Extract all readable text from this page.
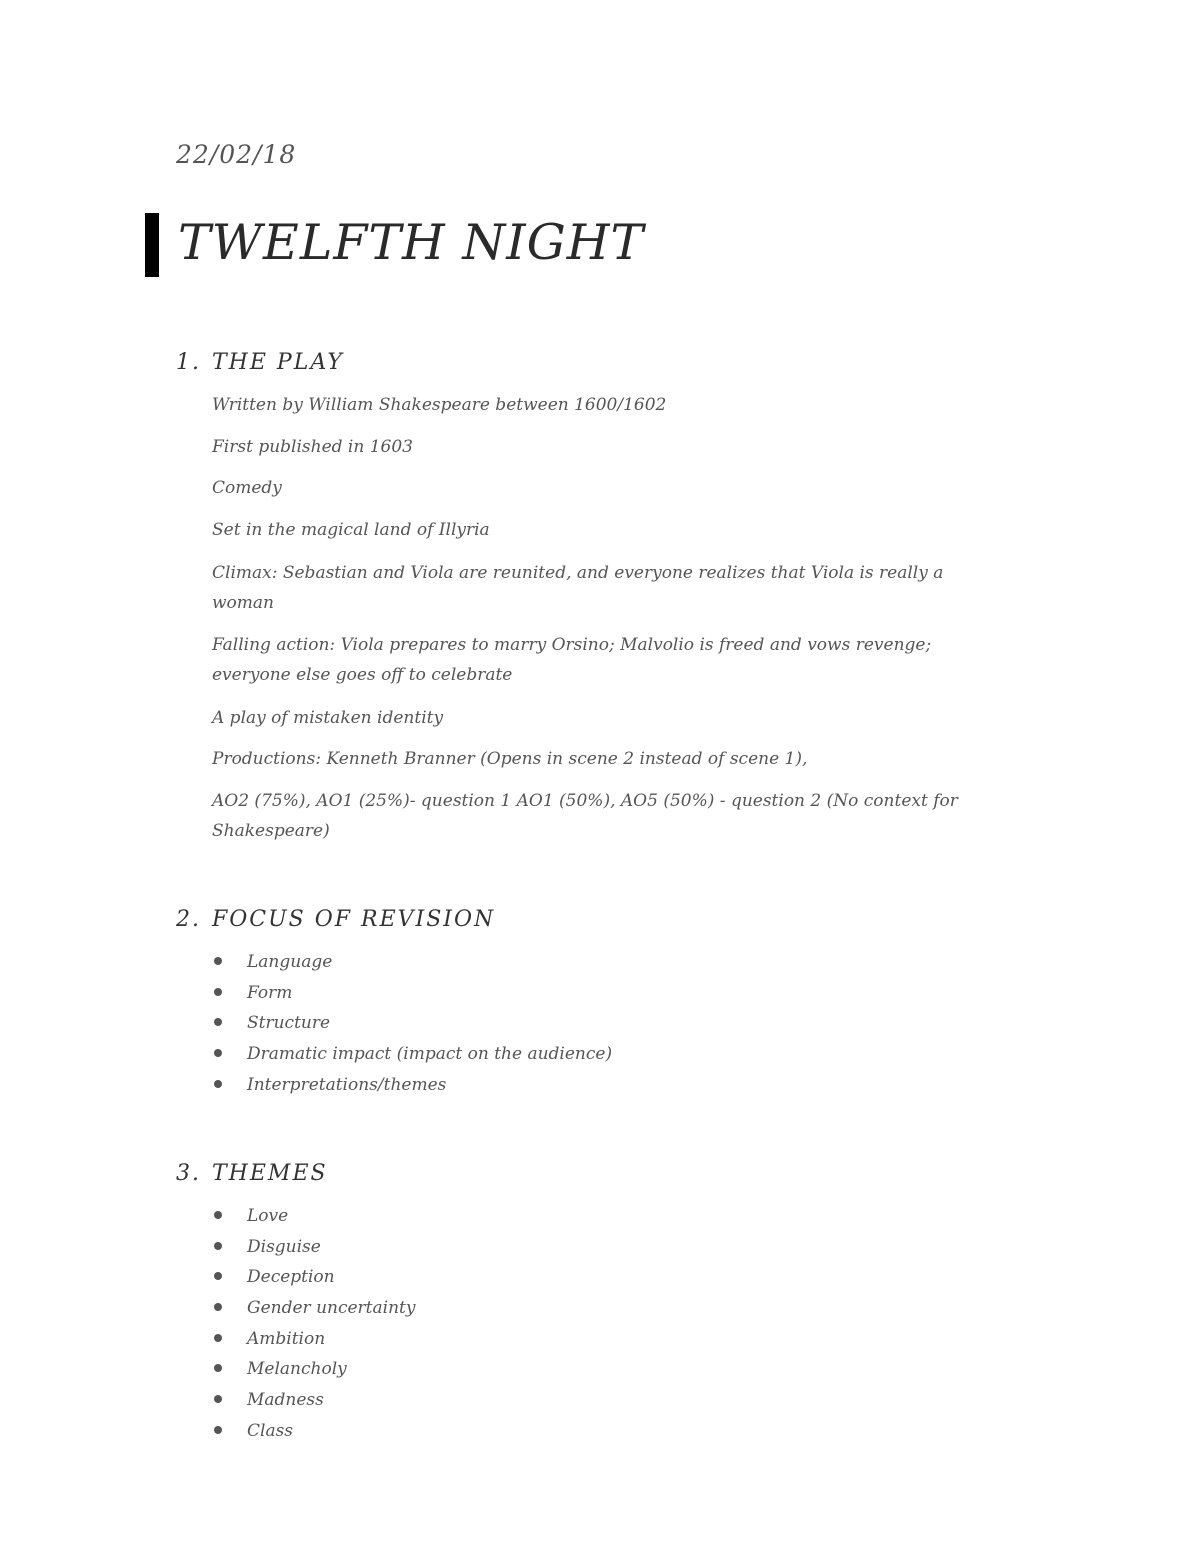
22/02/18

TWELFTH NIGHT
1. THE PLAY

Written by William Shakespeare between 1600/1602

First published in 1603

Comedy

Set in the magical land of Illyria

Climax: Sebastian and Viola are reunited, and everyone realizes that Viola is really a woman

Falling action: Viola prepares to marry Orsino; Malvolio is freed and vows revenge; everyone else goes off to celebrate

A play of mistaken identity

Productions: Kenneth Branner (Opens in scene 2 instead of scene 1),

AO2 (75%), AO1 (25%)- question 1 AO1 (50%), AO5 (50%) - question 2 (No context for Shakespeare)

2. FOCUS OF REVISION
Language
Form
Structure
Dramatic impact (impact on the audience)
Interpretations/themes
3. THEMES
Love
Disguise
Deception
Gender uncertainty
Ambition
Melancholy
Madness
Class
